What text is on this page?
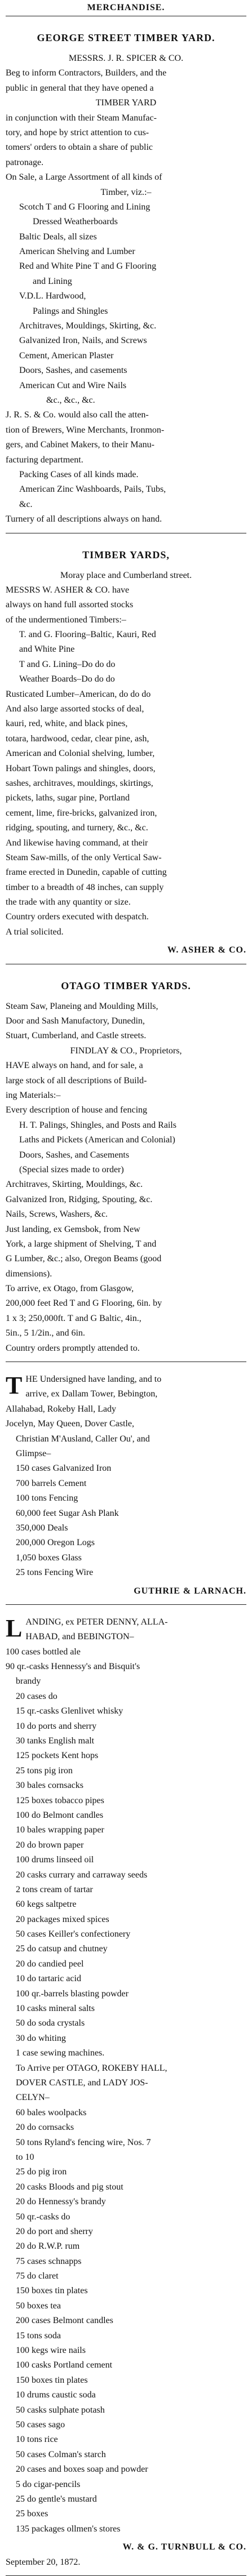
MERCHANDISE.
GEORGE STREET TIMBER YARD.
MESSRS. J. R. SPICER & CO.
Beg to inform Contractors, Builders, and the
public in general that they have opened a
TIMBER YARD
in conjunction with their Steam Manufac-
tory, and hope by strict attention to cus-
tomers' orders to obtain a share of public
patronage.
On Sale, a Large Assortment of all kinds of
Timber, viz.:–
Scotch T and G Flooring and Lining
Dressed Weatherboards
Baltic Deals, all sizes
American Shelving and Lumber
Red and White Pine T and G Flooring
and Lining
V.D.L. Hardwood,
Palings and Shingles
Architraves, Mouldings, Skirting, &c.
Galvanized Iron, Nails, and Screws
Cement, American Plaster
Doors, Sashes, and casements
American Cut and Wire Nails
&c., &c., &c.
J. R. S. & Co. would also call the atten-
tion of Brewers, Wine Merchants, Ironmon-
gers, and Cabinet Makers, to their Manu-
facturing department.
Packing Cases of all kinds made.
American Zinc Washboards, Pails, Tubs,
&c.
Turnery of all descriptions always on hand.
TIMBER YARDS,
Moray place and Cumberland street.
MESSRS W. ASHER & CO. have
always on hand full assorted stocks
of the undermentioned Timbers:–
T. and G. Flooring–Baltic, Kauri, Red
and White Pine
T and G. Lining–Do do do
Weather Boards–Do do do
Rusticated Lumber–American, do do do
And also large assorted stocks of deal,
kauri, red, white, and black pines,
totara, hardwood, cedar, clear pine, ash,
American and Colonial shelving, lumber,
Hobart Town palings and shingles, doors,
sashes, architraves, mouldings, skirtings,
pickets, laths, sugar pine, Portland
cement, lime, fire-bricks, galvanized iron,
ridging, spouting, and turnery, &c., &c.
And likewise having command, at their
Steam Saw-mills, of the only Vertical Saw-
frame erected in Dunedin, capable of cutting
timber to a breadth of 48 inches, can supply
the trade with any quantity or size.
Country orders executed with despatch.
A trial solicited.
W. ASHER & CO.
OTAGO TIMBER YARDS.
Steam Saw, Planeing and Moulding Mills,
Door and Sash Manufactory, Dunedin,
Stuart, Cumberland, and Castle streets.
FINDLAY & CO., Proprietors,
HAVE always on hand, and for sale, a
large stock of all descriptions of Build-
ing Materials:–
Every description of house and fencing
H. T. Palings, Shingles, and Posts and Rails
Laths and Pickets (American and Colonial)
Doors, Sashes, and Casements
(Special sizes made to order)
Architraves, Skirting, Mouldings, &c.
Galvanized Iron, Ridging, Spouting, &c.
Nails, Screws, Washers, &c.
Just landing, ex Gemsbok, from New
York, a large shipment of Shelving, T and
G Lumber, &c.; also, Oregon Beams (good
dimensions).
To arrive, ex Otago, from Glasgow,
200,000 feet Red T and G Flooring, 6in. by
1 x 3; 250,000ft. T and G Baltic, 4in.,
5in., 5 1/2in., and 6in.
Country orders promptly attended to.
T HE Undersigned have landing, and to
arrive, ex Dallam Tower, Bebington,
Allahabad, Rokeby Hall, Lady
Jocelyn, May Queen, Dover Castle,
Christian M'Ausland, Caller Ou', and
Glimpse–
150 cases Galvanized Iron
700 barrels Cement
100 tons Fencing
60,000 feet Sugar Ash Plank
350,000 Deals
200,000 Oregon Logs
1,050 boxes Glass
25 tons Fencing Wire
GUTHRIE & LARNACH.
L ANDING, ex PETER DENNY, ALLA-
HABAD, and BEBINGTON–
100 cases bottled ale
90 qr.-casks Hennessy's and Bisquit's
brandy
20 cases do
15 qr.-casks Glenlivet whisky
10 do ports and sherry
30 tanks English malt
125 pockets Kent hops
25 tons pig iron
30 bales cornsacks
125 boxes tobacco pipes
100 do Belmont candles
10 bales wrapping paper
20 do brown paper
100 drums linseed oil
20 casks currary and carraway seeds
2 tons cream of tartar
60 kegs saltpetre
20 packages mixed spices
50 cases Keiller's confectionery
25 do catsup and chutney
20 do candied peel
10 do tartaric acid
100 qr.-barrels blasting powder
10 casks mineral salts
50 do soda crystals
30 do whiting
1 case sewing machines.
To Arrive per OTAGO, ROKEBY HALL,
DOVER CASTLE, and LADY JOS-
CELYN–
60 bales woolpacks
20 do cornsacks
50 tons Ryland's fencing wire, Nos. 7
to 10
25 do pig iron
20 casks Bloods and pig stout
20 do Hennessy's brandy
50 qr.-casks do
20 do port and sherry
20 do R.W.P. rum
75 cases schnapps
75 do claret
150 boxes tin plates
50 boxes tea
200 cases Belmont candles
15 tons soda
100 kegs wire nails
100 casks Portland cement
150 boxes tin plates
10 drums caustic soda
50 casks sulphate potash
50 cases sago
10 tons rice
50 cases Colman's starch
20 cases and boxes soap and powder
5 do cigar-pencils
25 do gentle's mustard
25 boxes
135 packages ollmen's stores
W. & G. TURNBULL & CO.
September 20, 1872.
